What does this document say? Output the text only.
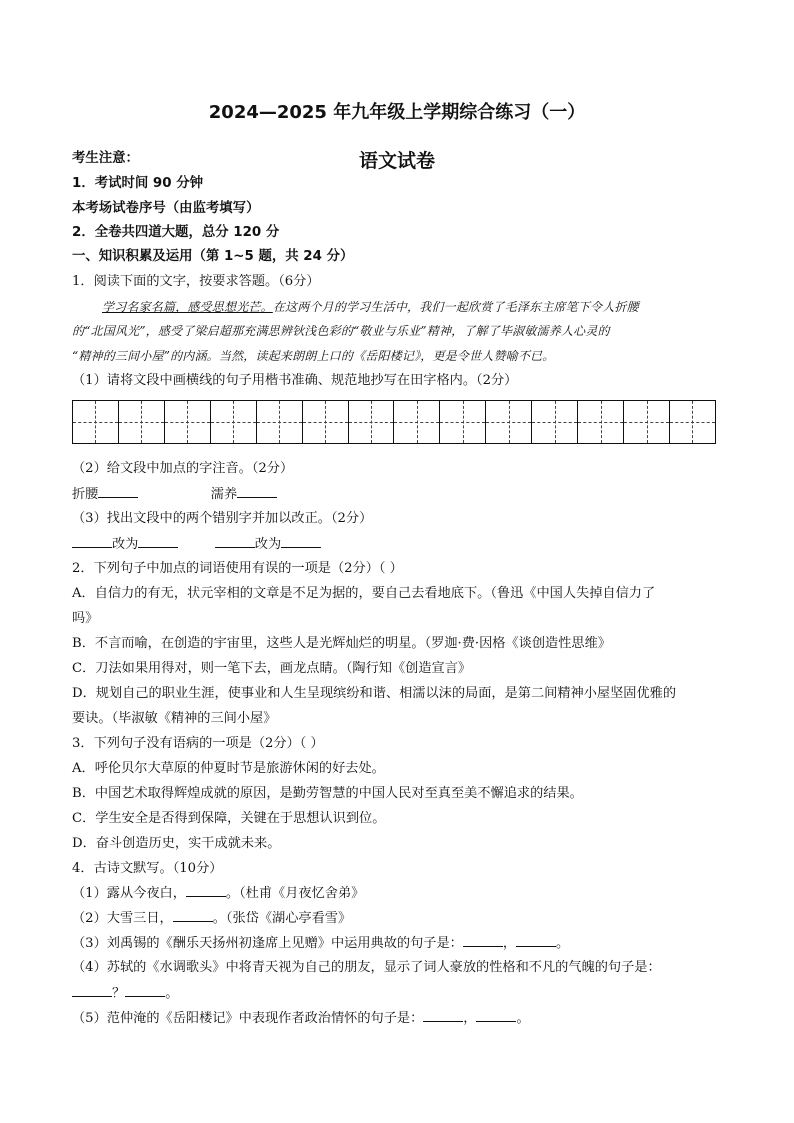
2024—2025 年九年级上学期综合练习（一）
语文试卷
考生注意：
1．考试时间 90 分钟
本考场试卷序号（由监考填写）
2．全卷共四道大题，总分 120 分
一、知识积累及运用（第 1~5 题，共 24 分）
1．阅读下面的文字，按要求答题。（6分）
学习名家名篇，感受思想光芒。在这两个月的学习生活中，我们一起欣赏了毛泽东主席笔下令人折腰
的“北国风光”，感受了梁启超那充满思辨钬浅色彩的“敬业与乐业”精神，了解了毕淑敏濡养人心灵的
“精神的三间小屋”的内涵。当然，读起来朗朗上口的《岳阳楼记》，更是令世人赞喻不已。
（1）请将文段中画横线的句子用楷书准确、规范地抄写在田字格内。（2分）
（2）给文段中加点的字注音。（2分）
折腰	濡养
（3）找出文段中的两个错别字并加以改正。（2分）
改为	改为
2．下列句子中加点的词语使用有误的一项是（2分）（ ）
A．自信力的有无，状元宰相的文章是不足为据的，要自己去看地底下。（鲁迅《中国人失掉自信力了
吗》
B．不言而喻，在创造的宇宙里，这些人是光辉灿烂的明星。（罗迦·费·因格《谈创造性思维》
C．刀法如果用得对，则一笔下去，画龙点睛。（陶行知《创造宣言》
D．规划自己的职业生涯，使事业和人生呈现缤纷和谐、相濡以沫的局面，是第二间精神小屋坚固优雅的
要诀。（毕淑敏《精神的三间小屋》
3．下列句子没有语病的一项是（2分）（ ）
A．呼伦贝尔大草原的仲夏时节是旅游休闲的好去处。
B．中国艺术取得辉煌成就的原因，是勤劳智慧的中国人民对至真至美不懈追求的结果。
C．学生安全是否得到保障，关键在于思想认识到位。
D．奋斗创造历史，实干成就未来。
4．古诗文默写。（10分）
（1）露从今夜白，	。（杜甫《月夜忆舍弟》
（2）大雪三日，	。（张岱《湖心亭看雪》
（3）刘禹锡的《酬乐天扬州初逢席上见赠》中运用典故的句子是：	，	。
（4）苏轼的《水调歌头》中将青天视为自己的朋友，显示了词人豪放的性格和不凡的气魄的句子是：
？	。
（5）范仲淹的《岳阳楼记》中表现作者政治情怀的句子是：	，	。
